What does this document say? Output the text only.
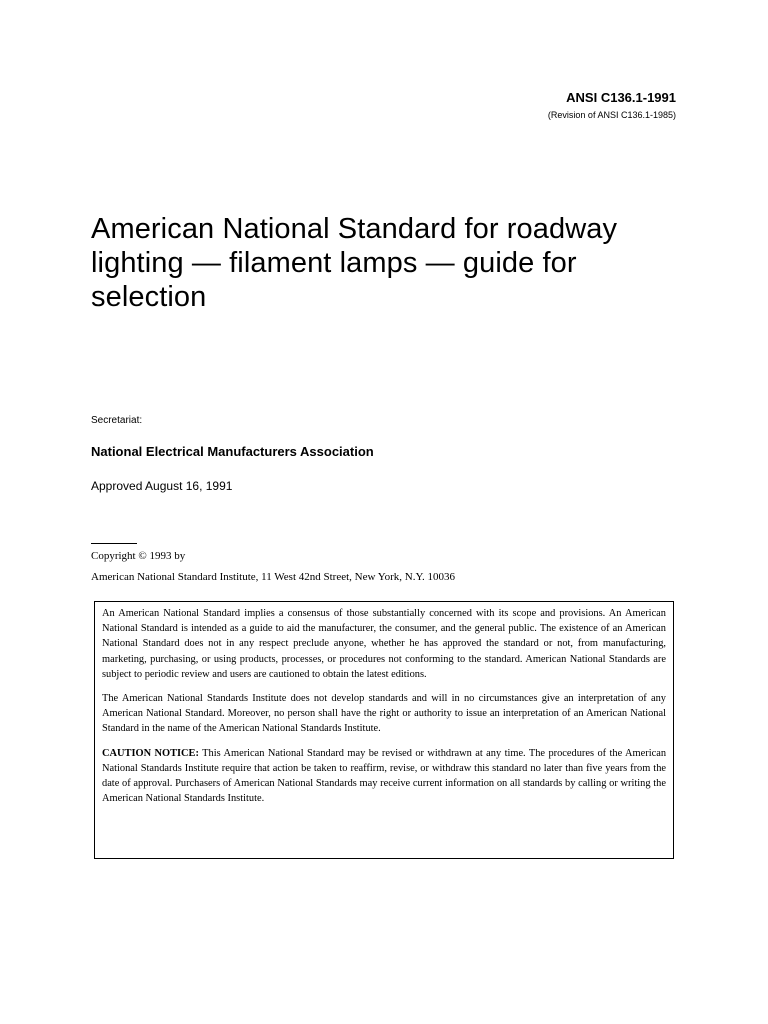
ANSI C136.1-1991
(Revision of ANSI C136.1-1985)
American National Standard for roadway lighting — filament lamps — guide for selection
Secretariat:
National Electrical Manufacturers Association
Approved August 16, 1991
Copyright © 1993 by
American National Standard Institute, 11 West 42nd Street, New York, N.Y. 10036

An American National Standard implies a consensus of those substantially concerned with its scope and provisions. An American National Standard is intended as a guide to aid the manufacturer, the consumer, and the general public. The existence of an American National Standard does not in any respect preclude anyone, whether he has approved the standard or not, from manufacturing, marketing, purchasing, or using products, processes, or procedures not conforming to the standard. American National Standards are subject to periodic review and users are cautioned to obtain the latest editions.

The American National Standards Institute does not develop standards and will in no circumstances give an interpretation of any American National Standard. Moreover, no person shall have the right or authority to issue an interpretation of an American National Standard in the name of the American National Standards Institute.

CAUTION NOTICE: This American National Standard may be revised or withdrawn at any time. The procedures of the American National Standards Institute require that action be taken to reaffirm, revise, or withdraw this standard no later than five years from the date of approval. Purchasers of American National Standards may receive current information on all standards by calling or writing the American National Standards Institute.
